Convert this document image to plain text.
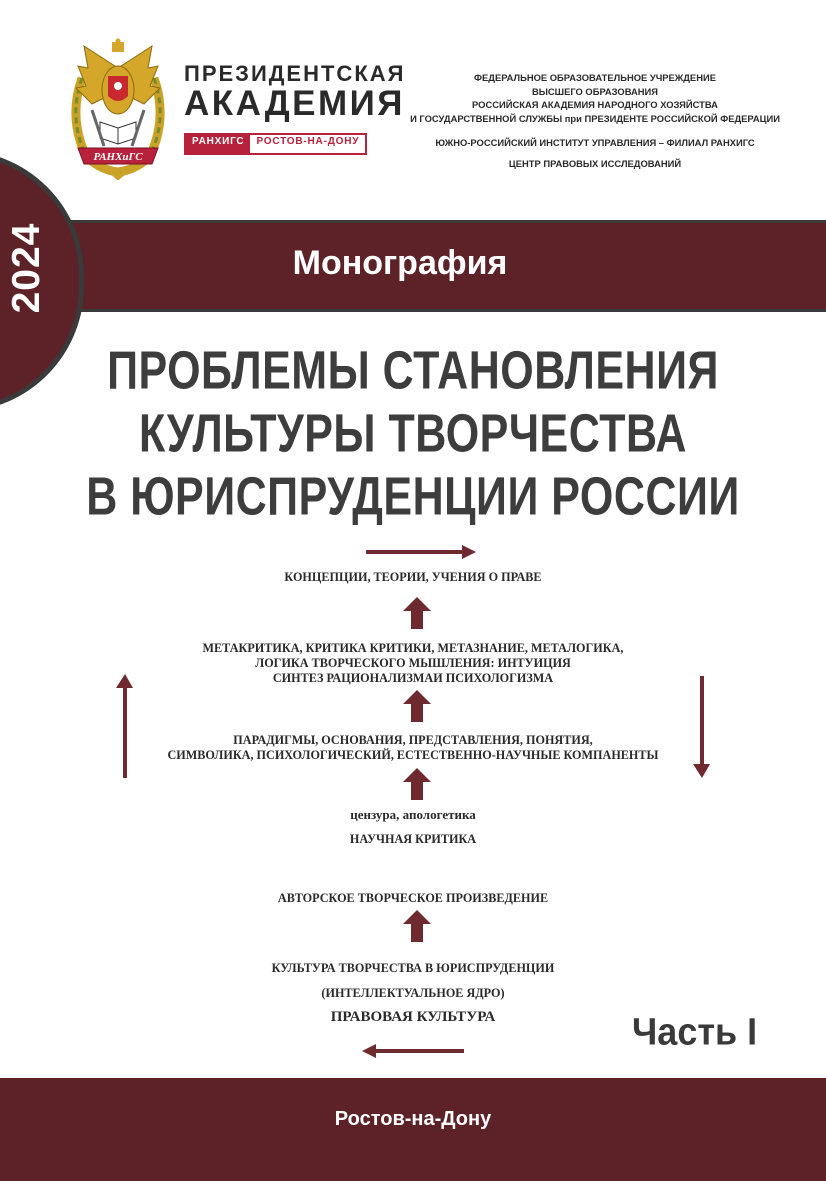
РАНХиГС
ПРЕЗИДЕНТСКАЯ
АКАДЕМИЯ
РАНХИГС	РОСТОВ-НА-ДОНУ
ФЕДЕРАЛЬНОЕ ОБРАЗОВАТЕЛЬНОЕ УЧРЕЖДЕНИЕ
ВЫСШЕГО ОБРАЗОВАНИЯ
РОССИЙСКАЯ АКАДЕМИЯ НАРОДНОГО ХОЗЯЙСТВА
И ГОСУДАРСТВЕННОЙ СЛУЖБЫ при ПРЕЗИДЕНТЕ РОССИЙСКОЙ ФЕДЕРАЦИИ
ЮЖНО-РОССИЙСКИЙ ИНСТИТУТ УПРАВЛЕНИЯ – ФИЛИАЛ РАНХИГС
ЦЕНТР ПРАВОВЫХ ИССЛЕДОВАНИЙ
2024	Монография
ПРОБЛЕМЫ СТАНОВЛЕНИЯ
КУЛЬТУРЫ ТВОРЧЕСТВА
В ЮРИСПРУДЕНЦИИ РОССИИ
КОНЦЕПЦИИ, ТЕОРИИ, УЧЕНИЯ О ПРАВЕ
МЕТАКРИТИКА, КРИТИКА КРИТИКИ, МЕТАЗНАНИЕ, МЕТАЛОГИКА,
ЛОГИКА ТВОРЧЕСКОГО МЫШЛЕНИЯ: ИНТУИЦИЯ
СИНТЕЗ РАЦИОНАЛИЗМАИ ПСИХОЛОГИЗМА
ПАРАДИГМЫ, ОСНОВАНИЯ, ПРЕДСТАВЛЕНИЯ, ПОНЯТИЯ,
СИМВОЛИКА, ПСИХОЛОГИЧЕСКИЙ, ЕСТЕСТВЕННО-НАУЧНЫЕ КОМПАНЕНТЫ
цензура, апологетика
НАУЧНАЯ КРИТИКА
АВТОРСКОЕ ТВОРЧЕСКОЕ ПРОИЗВЕДЕНИЕ
КУЛЬТУРА ТВОРЧЕСТВА В ЮРИСПРУДЕНЦИИ
(ИНТЕЛЛЕКТУАЛЬНОЕ ЯДРО)
ПРАВОВАЯ КУЛЬТУРА	Часть I
Ростов-на-Дону
